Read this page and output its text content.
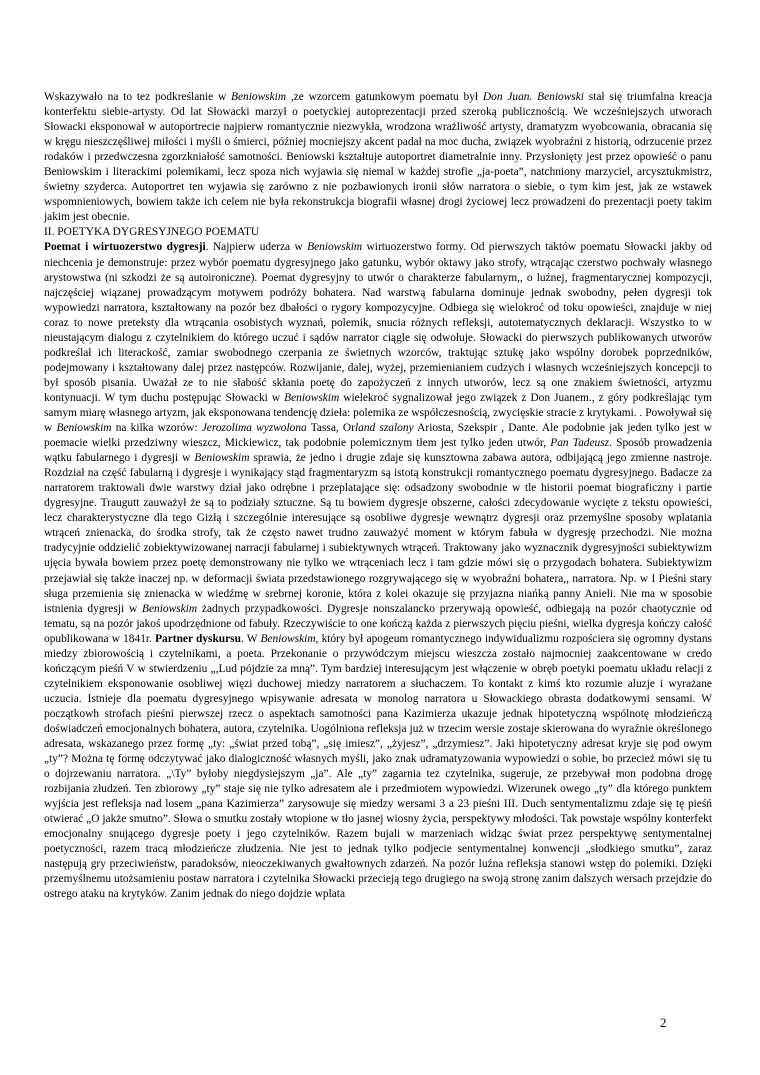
Wskazywało na to tez podkreślanie w Beniowskim ,ze wzorcem gatunkowym poematu był Don Juan. Beniowski stał się triumfalna kreacja konterfektu siebie-artysty. Od lat Słowacki marzył o poetyckiej autoprezentacji przed szeroką publicznością. We wcześniejszych utworach Słowacki eksponował w autoportrecie najpierw romantycznie niezwykła, wrodzona wrażliwość artysty, dramatyzm wyobcowania, obracania się w kręgu nieszczęśliwej miłości i myśli o śmierci, później mocniejszy akcent padał na moc ducha, związek wyobraźni z historią, odrzucenie przez rodaków i przedwczesna zgorzkniałość samotności. Beniowski kształtuje autoportret diametralnie inny. Przysłonięty jest przez opowieść o panu Beniowskim i literackimi polemikami, lecz spoza nich wyjawia się niemal w każdej strofie „ja-poeta”, natchniony marzyciel, arcysztukmistrz, świetny szyderca. Autoportret ten wyjawia się zarówno z nie pozbawionych ironii słów narratora o siebie, o tym kim jest, jak ze wstawek wspomnieniowych, bowiem także ich celem nie była rekonstrukcja biografii własnej drogi życiowej lecz prowadzeni do prezentacji poety takim jakim jest obecnie.

II. POETYKA DYGRESYJNEGO POEMATU

Poemat i wirtuozerstwo dygresji. Najpierw uderza w Beniowskim wirtuozerstwo formy. Od pierwszych taktów poematu Słowacki jakby od niechcenia je demonstruje: przez wybór poematu dygresyjnego jako gatunku, wybór oktawy jako strofy, wtrącając czerstwo pochwały własnego arystowstwa (ni szkodzi że są autoironiczne). Poemat dygresyjny to utwór o charakterze fabularnym,, o luźnej, fragmentarycznej kompozycji, najczęściej wiązanej prowadzącym motywem podróży bohatera. Nad warstwą fabularna dominuje jednak swobodny, pełen dygresji tok wypowiedzi narratora, kształtowany na pozór bez dbałości o rygory kompozycyjne. Odbiega się wielokroć od toku opowieści, znajduje w niej coraz to nowe preteksty dla wtrącania osobistych wyznań, polemik, snucia różnych refleksji, autotematycznych deklaracji. Wszystko to w nieustającym dialogu z czytelnikiem do którego uczuć i sądów narrator ciągle się odwołuje. Słowacki do pierwszych publikowanych utworów podkreślał ich literackość, zamiar swobodnego czerpania ze świetnych wzorców, traktując sztukę jako wspólny dorobek poprzedników, podejmowany i kształtowany dalej przez następców. Rozwijanie, dalej, wyżej, przemienianiem cudzych i własnych wcześniejszych koncepcji to był sposób pisania. Uważał ze to nie słabość skłania poetę do zapożyczeń z innych utworów, lecz są one znakiem świetności, artyzmu kontynuacji. W tym duchu postępując Słowacki w Beniowskim wielekroć sygnalizował jego związek z Don Juanem., z góry podkreślając tym samym miarę własnego artyzm, jak eksponowana tendencję dzieła: polemika ze współczesnością, zwycięskie stracie z krytykami. . Powoływał się w Beniowskim na kilka wzorów: Jerozolima wyzwolona Tassa, Orland szalony Ariosta, Szekspir , Dante. Ale podobnie jak jeden tylko jest w poemacie wielki przedziwny wieszcz, Mickiewicz, tak podobnie polemicznym tłem jest tylko jeden utwór, Pan Tadeusz. Sposób prowadzenia wątku fabularnego i dygresji w Beniowskim sprawia, że jedno i drugie zdaje się kunsztowna zabawa autora, odbijającą jego zmienne nastroje. Rozdział na część fabularną i dygresje i wynikający stąd fragmentaryzm są istotą konstrukcji romantycznego poematu dygresyjnego. Badacze za narratorem traktowali dwie warstwy dział jako odrębne i przeplatające się: odsadzony swobodnie w tle historii poemat biograficzny i partie dygresyjne. Traugutt zauważył że są to podziały sztuczne. Są tu bowiem dygresje obszerne, całości zdecydowanie wycięte z tekstu opowieści, lecz charakterystyczne dla tego Gizłą i szczególnie interesujące są osobliwe dygresje wewnątrz dygresji oraz przemyślne sposoby wplatania wtrąceń znienacka, do środka strofy, tak że często nawet trudno zauważyć moment w którym fabuła w dygresję przechodzi. Nie można tradycyjnie oddzielić zobiektywizowanej narracji fabularnej i subiektywnych wtrąceń. Traktowany jako wyznacznik dygresyjności subiektywizm ujęcia bywała bowiem przez poetę demonstrowany nie tylko we wtrąceniach lecz i tam gdzie mówi się o przygodach bohatera. Subiektywizm przejawiał się także inaczej np. w deformacji świata przedstawionego rozgrywającego się w wyobraźni bohatera,, narratora. Np. w I Pieśni stary sługa przemienia się znienacka w wiedźmę w srebrnej koronie, która z kolei okazuje się przyjazna niańką panny Anieli. Nie ma w sposobie istnienia dygresji w Beniowskim żadnych przypadkowości. Dygresje nonszalancko przerywają opowieść, odbiegają na pozór chaotycznie od tematu, są na pozór jakoś upodrzędnione od fabuły. Rzeczywiście to one kończą każda z pierwszych pięciu pieśni, wielka dygresja kończy całość opublikowana w 1841r. Partner dyskursu. W Beniowskim, który był apogeum romantycznego indywidualizmu rozpościera się ogromny dystans miedzy zbiorowością i czytelnikami, a poeta. Przekonanie o przywódczym miejscu wieszcza zostało najmocniej zaakcentowane w credo kończącym pieśń V w stwierdzeniu „,Lud pójdzie za mną”. Tym bardziej interesującym jest włączenie w obręb poetyki poematu układu relacji z czytelnikiem eksponowanie osobliwej więzi duchowej miedzy narratorem a słuchaczem. To kontakt z kimś kto rozumie aluzje i wyrażane uczucia. Istnieje dla poematu dygresyjnego wpisywanie adresata w monolog narratora u Słowackiego obrasta dodatkowymi sensami. W początkowh strofach pieśni pierwszej rzecz o aspektach samotności pana Kazimierza ukazuje jednak hipotetyczną wspólnotę młodzieńczą doświadczeń emocjonalnych bohatera, autora, czytelnika. Uogólniona refleksja już w trzecim wersie zostaje skierowana do wyraźnie określonego adresata, wskazanego przez formę „ty: „świat przed tobą”, „się imiesz”, „żyjesz”, „drzymiesz”. Jaki hipotetyczny adresat kryje się pod owym „ty”? Można tę formę odczytywać jako dialogiczność własnych myśli, jako znak udramatyzowania wypowiedzi o sobie, bo przecież mówi się tu o dojrzewaniu narratora. „\Ty” byłoby niegdysiejszym „ja”. Ale „ty” zagarnia tez czytelnika, sugeruje, ze przebywał mon podobna drogę rozbijania złudzeń. Ten zbiorowy „ty” staje się nie tylko adresatem ale i przedmiotem wypowiedzi. Wizerunek owego „ty” dla którego punktem wyjścia jest refleksja nad losem „pana Kazimierza” zarysowuje się miedzy wersami 3 a 23 pieśni III. Duch sentymentalizmu zdaje się tę pieśń otwierać „O jakże smutno”. Słowa o smutku zostały wtopione w tło jasnej wiosny życia, perspektywy młodości. Tak powstaje wspólny konterfekt emocjonalny snującego dygresje poety i jego czytelników. Razem bujali w marzeniach widząc świat przez perspektywę sentymentalnej poetyczności, razem tracą młodzieńcze złudzenia. Nie jest to jednak tylko podjecie sentymentalnej konwencji „słodkiego smutku”, zaraz następują gry przeciwieństw, paradoksów, nieoczekiwanych gwałtownych zdarzeń. Na pozór luźna refleksja stanowi wstęp do polemiki. Dzięki przemyślnemu utożsamieniu postaw narratora i czytelnika Słowacki przecieją tego drugiego na swoją stronę zanim dalszych wersach przejdzie do ostrego ataku na krytyków. Zanim jednak do niego dojdzie wplata

2
